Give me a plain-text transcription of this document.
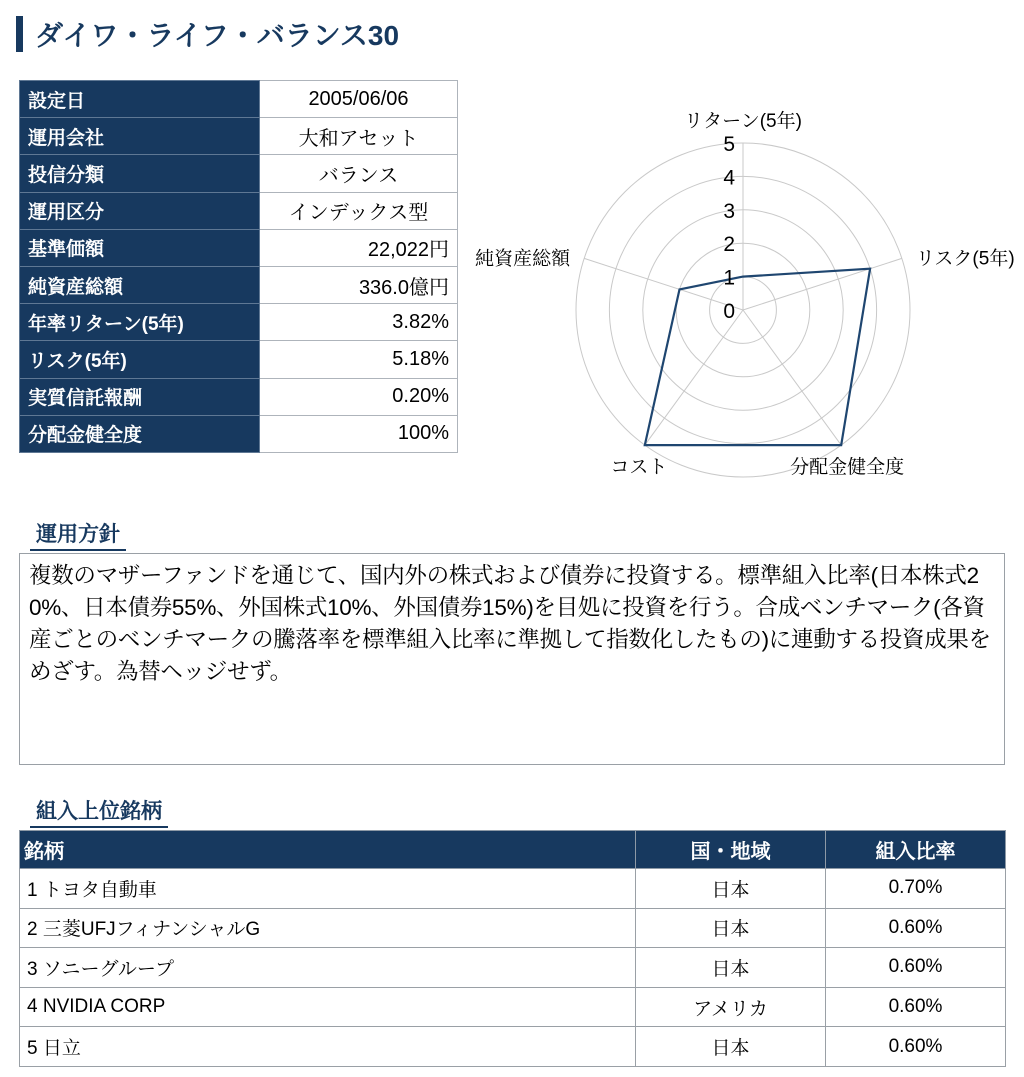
ダイワ・ライフ・バランス30
設定日	2005/06/06
運用会社	大和アセット
投信分類	バランス
運用区分	インデックス型
基準価額	22,022円
純資産総額	336.0億円
年率リターン(5年)	3.82%
リスク(5年)	5.18%
実質信託報酬	0.20%
分配金健全度	100%
0
1
2
3
4
5
リターン(5年)
リスク(5年)
分配金健全度
コスト
純資産総額
運用方針
複数のマザーファンドを通じて、国内外の株式および債券に投資する。標準組入比率(日本株式20%、日本債券55%、外国株式10%、外国債券15%)を目処に投資を行う。合成ベンチマーク(各資産ごとのベンチマークの騰落率を標準組入比率に準拠して指数化したもの)に連動する投資成果をめざす。為替ヘッジせず。
組入上位銘柄
銘柄	国・地域	組入比率
1 トヨタ自動車	日本	0.70%
2 三菱UFJフィナンシャルG	日本	0.60%
3 ソニーグループ	日本	0.60%
4 NVIDIA CORP	アメリカ	0.60%
5 日立	日本	0.60%
